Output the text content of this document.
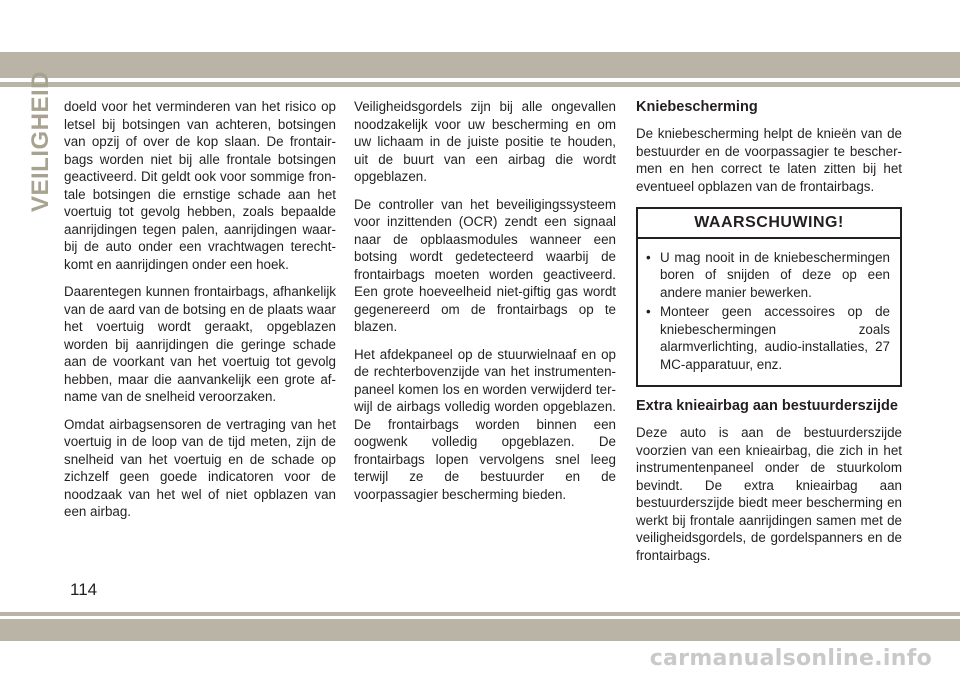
VEILIGHEID doeld voor het verminderen van het risico op letsel bij botsingen van achteren, botsingen van opzij of over de kop slaan. De frontairbags worden niet bij alle frontale botsingen geactiveerd. Dit geldt ook voor sommige frontale botsingen die ernstige schade aan het voertuig tot gevolg hebben, zoals bepaalde aanrijdingen tegen palen, aanrijdingen waarbij de auto onder een vrachtwagen terechtkomt en aanrijdingen onder een hoek.

Daarentegen kunnen frontairbags, afhankelijk van de aard van de botsing en de plaats waar het voertuig wordt geraakt, opgeblazen worden bij aanrijdingen die geringe schade aan de voorkant van het voertuig tot gevolg hebben, maar die aanvankelijk een grote afname van de snelheid veroorzaken.

Omdat airbagsensoren de vertraging van het voertuig in de loop van de tijd meten, zijn de snelheid van het voertuig en de schade op zichzelf geen goede indicatoren voor de noodzaak van het wel of niet opblazen van een airbag.

Veiligheidsgordels zijn bij alle ongevallen noodzakelijk voor uw bescherming en om uw lichaam in de juiste positie te houden, uit de buurt van een airbag die wordt opgeblazen.

De controller van het beveiligingssysteem voor inzittenden (OCR) zendt een signaal naar de opblaasmodules wanneer een botsing wordt gedetecteerd waarbij de frontairbags moeten worden geactiveerd. Een grote hoeveelheid niet-giftig gas wordt gegenereerd om de frontairbags op te blazen.

Het afdekpaneel op de stuurwielnaaf en op de rechterbovenzijde van het instrumentenpaneel komen los en worden verwijderd terwijl de airbags volledig worden opgeblazen. De frontairbags worden binnen een oogwenk volledig opgeblazen. De frontairbags lopen vervolgens snel leeg terwijl ze de bestuurder en de voorpassagier bescherming bieden.

Kniebescherming

De kniebescherming helpt de knieën van de bestuurder en de voorpassagier te beschermen en hen correct te laten zitten bij het eventueel opblazen van de frontairbags.

WAARSCHUWING!
• U mag nooit in de kniebeschermingen boren of snijden of deze op een andere manier bewerken.
• Monteer geen accessoires op de kniebeschermingen zoals alarmverlichting, audio-installaties, 27 MC-apparatuur, enz.
Extra knieairbag aan bestuurderszijde

Deze auto is aan de bestuurderszijde voorzien van een knieairbag, die zich in het instrumentenpaneel onder de stuurkolom bevindt. De extra knieairbag aan bestuurderszijde biedt meer bescherming en werkt bij frontale aanrijdingen samen met de veiligheidsgordels, de gordelspanners en de frontairbags.

114
carmanualsonline.info
